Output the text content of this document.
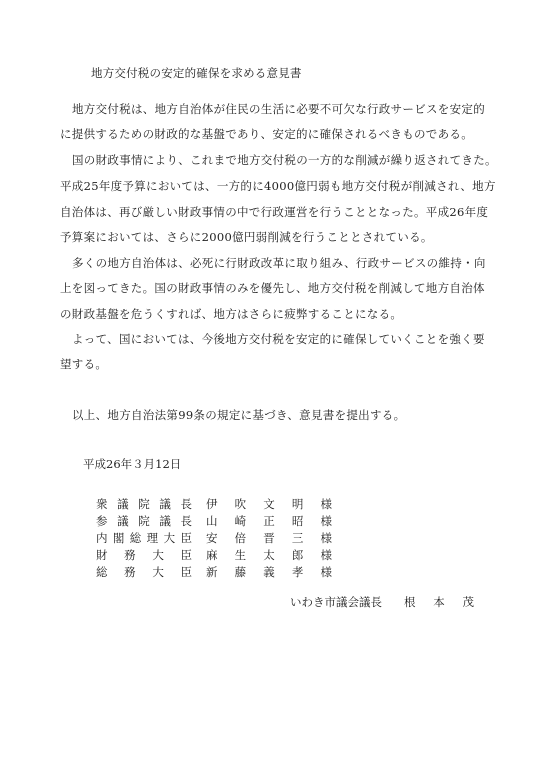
地方交付税の安定的確保を求める意見書
地方交付税は、地方自治体が住民の生活に必要不可欠な行政サービスを安定的
に提供するための財政的な基盤であり、安定的に確保されるべきものである。
国の財政事情により、これまで地方交付税の一方的な削減が繰り返されてきた。
平成25年度予算においては、一方的に4000億円弱も地方交付税が削減され、地方
自治体は、再び厳しい財政事情の中で行政運営を行うこととなった。平成26年度
予算案においては、さらに2000億円弱削減を行うこととされている。
多くの地方自治体は、必死に行財政改革に取り組み、行政サービスの維持・向
上を図ってきた。国の財政事情のみを優先し、地方交付税を削減して地方自治体
の財政基盤を危うくすれば、地方はさらに疲弊することになる。
よって、国においては、今後地方交付税を安定的に確保していくことを強く要
望する。
以上、地方自治法第99条の規定に基づき、意見書を提出する。
平成26年３月12日
衆 議 院 議 長 伊 吹 文 明 様
参 議 院 議 長 山 崎 正 昭 様
内 閣 総 理 大 臣 安 倍 晋 三 様
財 務 大 臣 麻 生 太 郎 様
総 務 大 臣 新 藤 義 孝 様
いわき市議会議長 根 本 茂
